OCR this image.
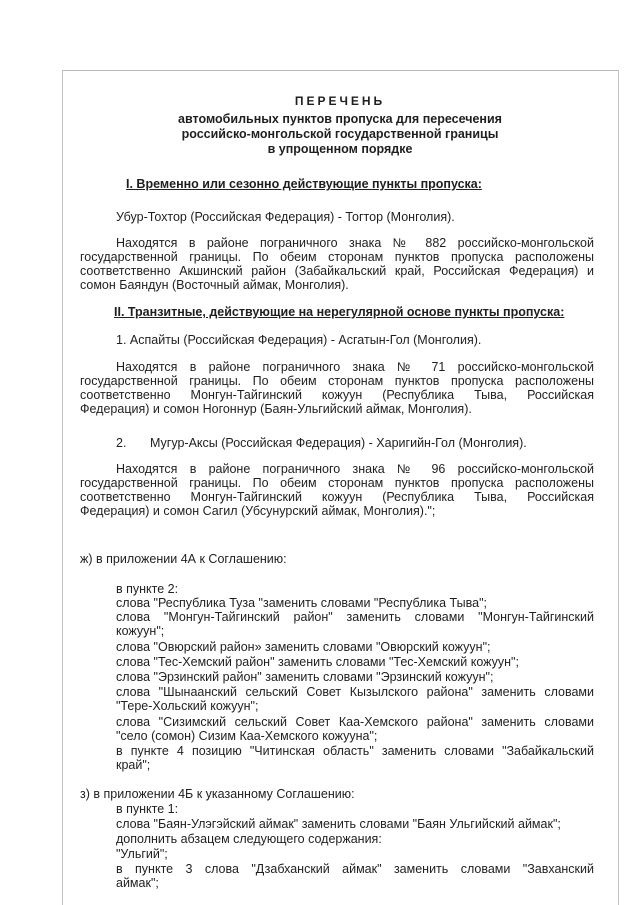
ПЕРЕЧЕНЬ
автомобильных пунктов пропуска для пересечения
российско-монгольской государственной границы
в упрощенном порядке
I. Временно или сезонно действующие пункты пропуска:
Убур-Тохтор (Российская Федерация) - Тогтор (Монголия).
Находятся в районе пограничного знака № 882 российско-монгольской
государственной границы. По обеим сторонам пунктов пропуска расположены
соответственно Акшинский район (Забайкальский край, Российская Федерация) и
сомон Баяндун (Восточный аймак, Монголия).
II. Транзитные, действующие на нерегулярной основе пункты пропуска:
1. Аспайты (Российская Федерация) - Асгатын-Гол (Монголия).
Находятся в районе пограничного знака № 71 российско-монгольской
государственной границы. По обеим сторонам пунктов пропуска расположены
соответственно Монгун-Тайгинский кожуун (Республика Тыва, Российская
Федерация) и сомон Ногоннур (Баян-Ульгийский аймак, Монголия).
2. Мугур-Аксы (Российская Федерация) - Харигийн-Гол (Монголия).
Находятся в районе пограничного знака № 96 российско-монгольской
государственной границы. По обеим сторонам пунктов пропуска расположены
соответственно Монгун-Тайгинский кожуун (Республика Тыва, Российская
Федерация) и сомон Сагил (Убсунурский аймак, Монголия).";
ж) в приложении 4А к Соглашению:
в пункте 2:
слова "Республика Туза "заменить словами "Республика Тыва";
слова "Монгун-Тайгинский район" заменить словами "Монгун-Тайгинский
кожуун";
слова "Овюрский район» заменить словами "Овюрский кожуун";
слова "Тес-Хемский район" заменить словами "Тес-Хемский кожуун";
слова "Эрзинский район" заменить словами "Эрзинский кожуун";
слова "Шынаанский сельский Совет Кызылского района" заменить словами
"Тере-Хольский кожуун";
слова "Сизимский сельский Совет Каа-Хемского района" заменить словами
"село (сомон) Сизим Каа-Хемского кожууна";
в пункте 4 позицию "Читинская область" заменить словами "Забайкальский
край";
з) в приложении 4Б к указанному Соглашению:
в пункте 1:
слова "Баян-Улэгэйский аймак" заменить словами "Баян Ульгийский аймак";
дополнить абзацем следующего содержания:
"Ульгий";
в пункте 3 слова "Дзабханский аймак" заменить словами "Завханский
аймак";
